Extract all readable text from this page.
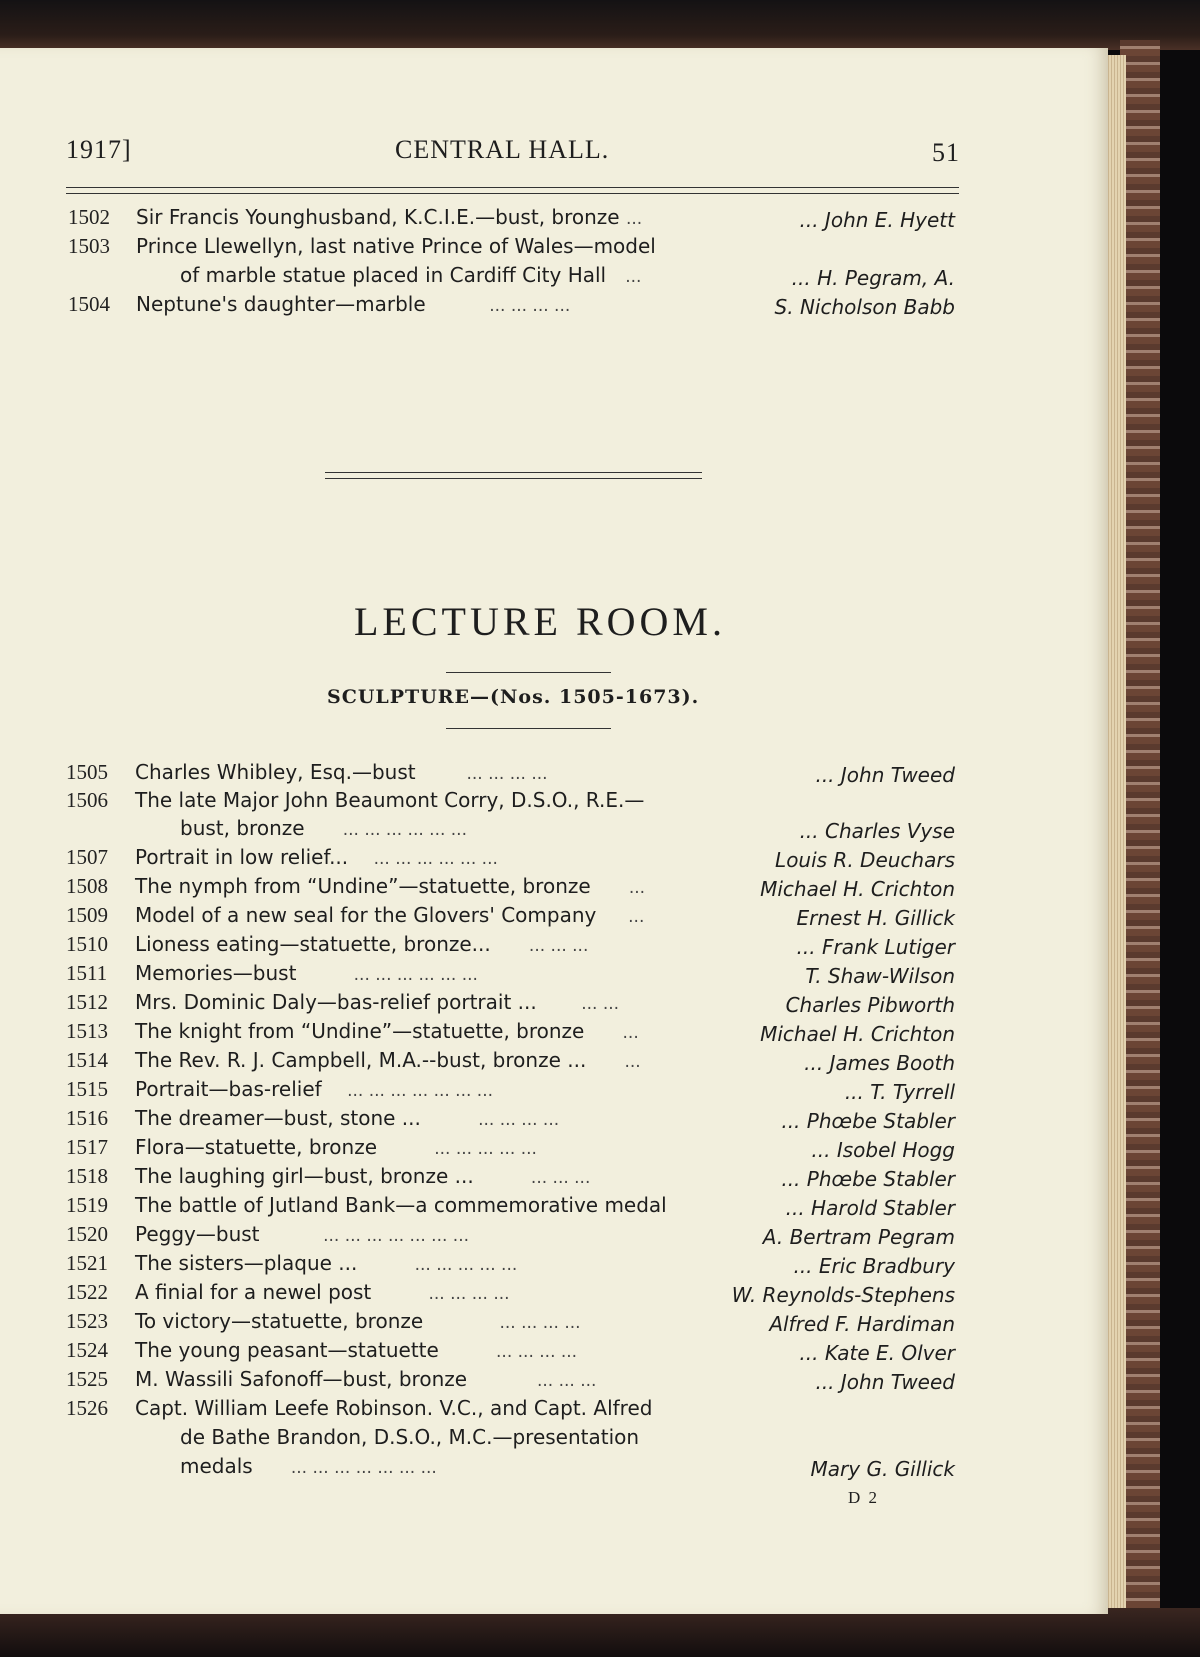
1917]	CENTRAL HALL.	51
1502 Sir Francis Younghusband, K.C.I.E.—bust, bronze ...	... John E. Hyett
1503 Prince Llewellyn, last native Prince of Wales—model
of marble statue placed in Cardiff City Hall ...	... H. Pegram, A.
1504 Neptune's daughter—marble	... ... ... ...	S. Nicholson Babb
LECTURE ROOM.
SCULPTURE—(Nos. 1505-1673).
1505 Charles Whibley, Esq.—bust	... ... ... ...	... John Tweed
1506 The late Major John Beaumont Corry, D.S.O., R.E.—
bust, bronze ... ... ... ... ... ...	... Charles Vyse
1507 Portrait in low relief... ... ... ... ... ... ...	Louis R. Deuchars
1508 The nymph from “Undine”—statuette, bronze ...	Michael H. Crichton
1509 Model of a new seal for the Glovers' Company ...	Ernest H. Gillick
1510 Lioness eating—statuette, bronze... ... ... ...	... Frank Lutiger
1511 Memories—bust	... ... ... ... ... ...	T. Shaw-Wilson
1512 Mrs. Dominic Daly—bas-relief portrait ...	... ...	Charles Pibworth
1513 The knight from “Undine”—statuette, bronze ...	Michael H. Crichton
1514 The Rev. R. J. Campbell, M.A.--bust, bronze ... ...	... James Booth
1515 Portrait—bas-relief ... ... ... ... ... ... ...	... T. Tyrrell
1516 The dreamer—bust, stone ...	... ... ... ...	... Phœbe Stabler
1517 Flora—statuette, bronze	... ... ... ... ...	... Isobel Hogg
1518 The laughing girl—bust, bronze ...	... ... ...	... Phœbe Stabler
1519 The battle of Jutland Bank—a commemorative medal	... Harold Stabler
1520 Peggy—bust	... ... ... ... ... ... ...	A. Bertram Pegram
1521 The sisters—plaque ...	... ... ... ... ...	... Eric Bradbury
1522 A finial for a newel post	... ... ... ...	W. Reynolds-Stephens
1523 To victory—statuette, bronze	... ... ... ...	Alfred F. Hardiman
1524 The young peasant—statuette	... ... ... ...	... Kate E. Olver
1525 M. Wassili Safonoff—bust, bronze	... ... ...	... John Tweed
1526 Capt. William Leefe Robinson. V.C., and Capt. Alfred
de Bathe Brandon, D.S.O., M.C.—presentation
medals ... ... ... ... ... ... ...	Mary G. Gillick
D 2
